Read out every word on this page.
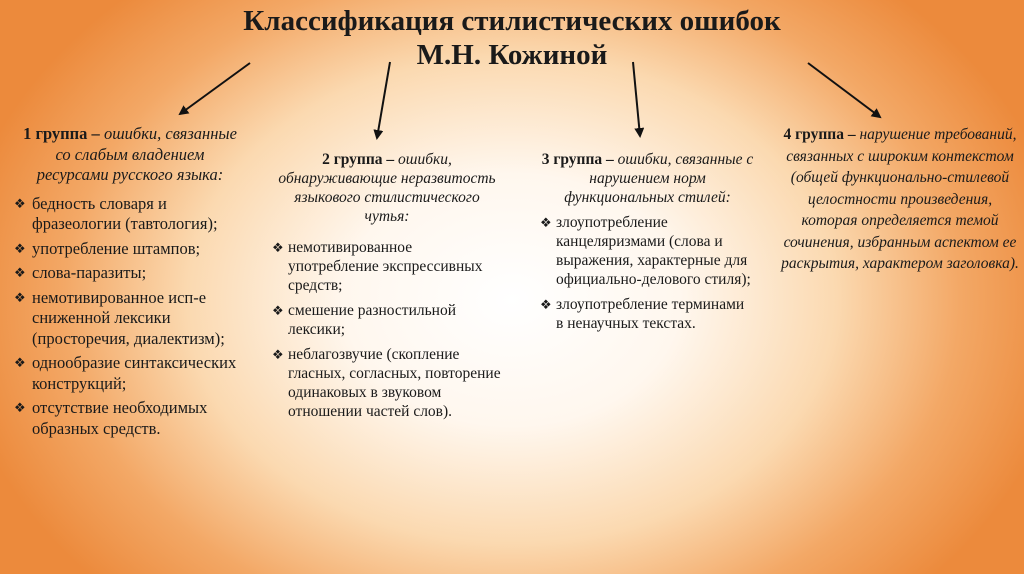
Классификация стилистических ошибок
М.Н. Кожиной
1 группа – ошибки, связанные со слабым владением ресурсами русского языка:
❖ бедность словаря и фразеологии (тавтология);
❖ употребление штампов;
❖ слова-паразиты;
❖ немотивированное исп-е сниженной лексики (просторечия, диалектизм);
❖ однообразие синтаксических конструкций;
❖ отсутствие необходимых образных средств.
2 группа – ошибки, обнаруживающие неразвитость языкового стилистического чутья:
❖ немотивированное употребление экспрессивных средств;
❖ смешение разностильной лексики;
❖ неблагозвучие (скопление гласных, согласных, повторение одинаковых в звуковом отношении частей слов).
3 группа – ошибки, связанные с нарушением норм функциональных стилей:
❖ злоупотребление канцеляризмами (слова и выражения, характерные для официально-делового стиля);
❖ злоупотребление терминами в ненаучных текстах.
4 группа – нарушение требований, связанных с широким контекстом (общей функционально-стилевой целостности произведения, которая определяется темой сочинения, избранным аспектом ее раскрытия, характером заголовка).
